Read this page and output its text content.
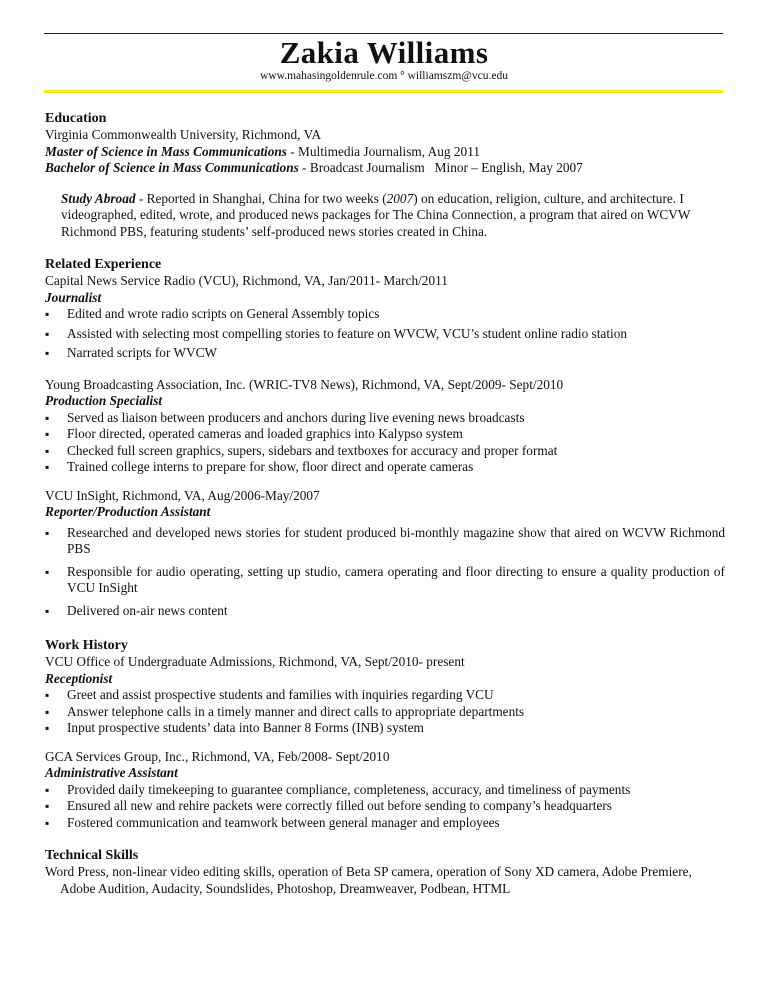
Zakia Williams
www.mahasingoldenrule.com ° williamszm@vcu.edu
Education
Virginia Commonwealth University, Richmond, VA
Master of Science in Mass Communications - Multimedia Journalism, Aug 2011
Bachelor of Science in Mass Communications - Broadcast Journalism   Minor – English, May 2007
Study Abroad - Reported in Shanghai, China for two weeks (2007) on education, religion, culture, and architecture. I videographed, edited, wrote, and produced news packages for The China Connection, a program that aired on WCVW Richmond PBS, featuring students’ self-produced news stories created in China.
Related Experience
Capital News Service Radio (VCU), Richmond, VA, Jan/2011- March/2011
Journalist
▪ Edited and wrote radio scripts on General Assembly topics
▪ Assisted with selecting most compelling stories to feature on WVCW, VCU’s student online radio station
▪ Narrated scripts for WVCW
Young Broadcasting Association, Inc. (WRIC-TV8 News), Richmond, VA, Sept/2009- Sept/2010
Production Specialist
▪ Served as liaison between producers and anchors during live evening news broadcasts
▪ Floor directed, operated cameras and loaded graphics into Kalypso system
▪ Checked full screen graphics, supers, sidebars and textboxes for accuracy and proper format
▪ Trained college interns to prepare for show, floor direct and operate cameras
VCU InSight, Richmond, VA, Aug/2006-May/2007
Reporter/Production Assistant
▪ Researched and developed news stories for student produced bi-monthly magazine show that aired on WCVW Richmond PBS
▪ Responsible for audio operating, setting up studio, camera operating and floor directing to ensure a quality production of VCU InSight
▪ Delivered on-air news content
Work History
VCU Office of Undergraduate Admissions, Richmond, VA, Sept/2010- present
Receptionist
▪ Greet and assist prospective students and families with inquiries regarding VCU
▪ Answer telephone calls in a timely manner and direct calls to appropriate departments
▪ Input prospective students’ data into Banner 8 Forms (INB) system
GCA Services Group, Inc., Richmond, VA, Feb/2008- Sept/2010
Administrative Assistant
▪ Provided daily timekeeping to guarantee compliance, completeness, accuracy, and timeliness of payments
▪ Ensured all new and rehire packets were correctly filled out before sending to company’s headquarters
▪ Fostered communication and teamwork between general manager and employees
Technical Skills
Word Press, non-linear video editing skills, operation of Beta SP camera, operation of Sony XD camera, Adobe Premiere, Adobe Audition, Audacity, Soundslides, Photoshop, Dreamweaver, Podbean, HTML
